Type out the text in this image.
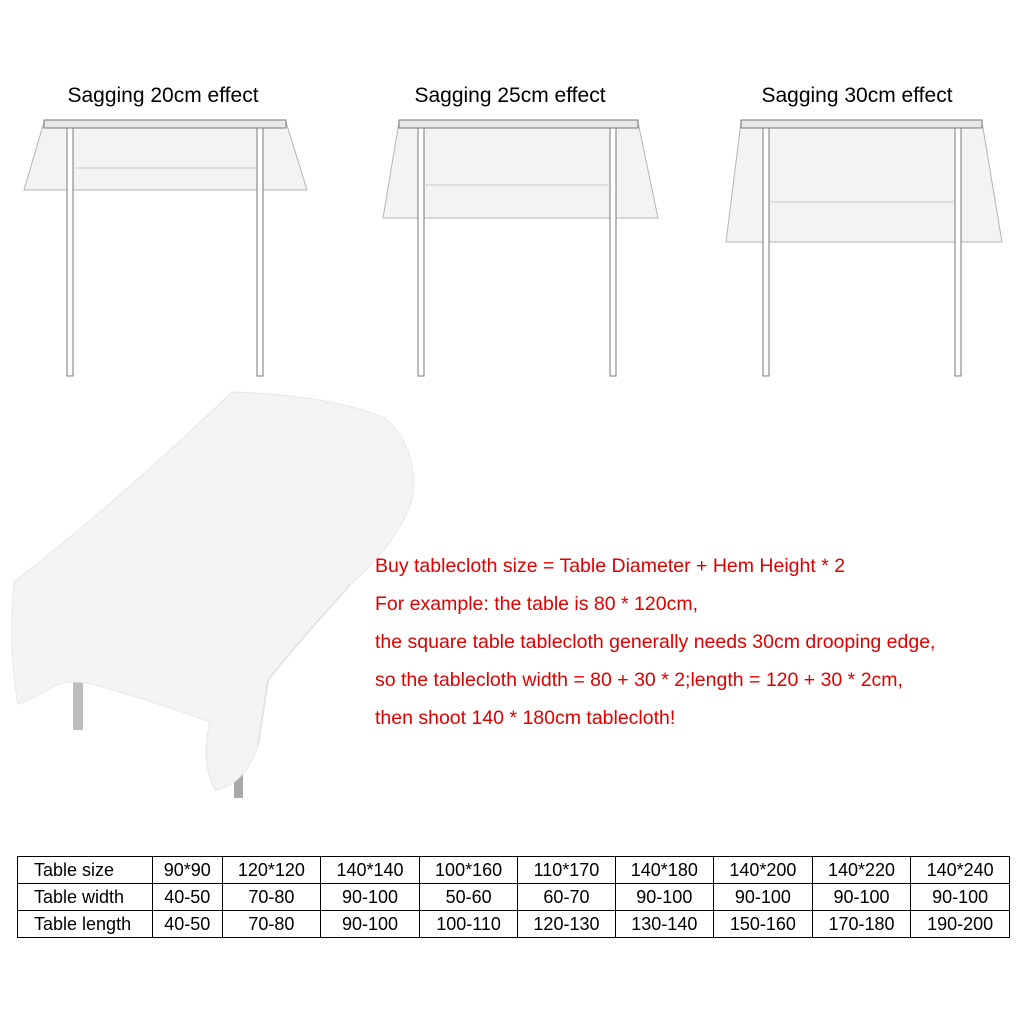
Sagging 20cm effect	Sagging 25cm effect	Sagging 30cm effect
Buy tablecloth size = Table Diameter + Hem Height * 2
For example: the table is 80 * 120cm,
the square table tablecloth generally needs 30cm drooping edge,
so the tablecloth width = 80 + 30 * 2;length = 120 + 30 * 2cm,
then shoot 140 * 180cm tablecloth!
Table size	90*90	120*120	140*140	100*160	110*170	140*180	140*200	140*220	140*240
Table width	40-50	70-80	90-100	50-60	60-70	90-100	90-100	90-100	90-100
Table length	40-50	70-80	90-100	100-110	120-130	130-140	150-160	170-180	190-200
